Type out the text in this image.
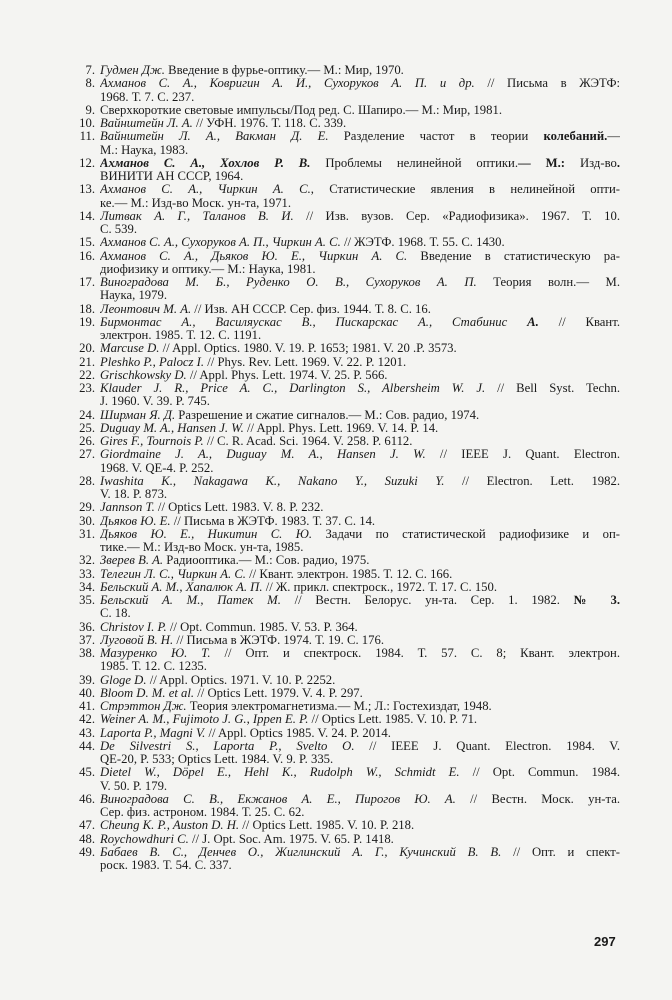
7. Гудмен Дж. Введение в фурье-оптику.— М.: Мир, 1970.
8. Ахманов С. А., Ковригин А. И., Сухоруков А. П. и др. // Письма в ЖЭТФ:
1968. Т. 7. С. 237.
9. Сверхкороткие световые импульсы/Под ред. С. Шапиро.— М.: Мир, 1981.
10. Вайнштейн Л. А. // УФН. 1976. Т. 118. С. 339.
11. Вайнштейн Л. А., Вакман Д. Е. Разделение частот в теории колебаний.—
М.: Наука, 1983.
12. Ахманов С. А., Хохлов Р. В. Проблемы нелинейной оптики.— М.: Изд-во.
ВИНИТИ АН СССР, 1964.
13. Ахманов С. А., Чиркин А. С., Статистические явления в нелинейной опти-
ке.— М.: Изд-во Моск. ун-та, 1971.
14. Литвак А. Г., Таланов В. И. // Изв. вузов. Сер. «Радиофизика». 1967. Т. 10.
С. 539.
15. Ахманов С. А., Сухоруков А. П., Чиркин А. С. // ЖЭТФ. 1968. Т. 55. С. 1430.
16. Ахманов С. А., Дьяков Ю. Е., Чиркин А. С. Введение в статистическую ра-
диофизику и оптику.— М.: Наука, 1981.
17. Виноградова М. Б., Руденко О. В., Сухоруков А. П. Теория волн.— М.
Наука, 1979.
18. Леонтович М. А. // Изв. АН СССР. Сер. физ. 1944. Т. 8. С. 16.
19. Бирмонтас А., Василяускас В., Пискарскас А., Стабинис А. // Квант.
электрон. 1985. Т. 12. С. 1191.
20. Marcuse D. // Appl. Optics. 1980. V. 19. P. 1653; 1981. V. 20 .P. 3573.
21. Pleshko P., Palocz I. // Phys. Rev. Lett. 1969. V. 22. P. 1201.
22. Grischkowsky D. // Appl. Phys. Lett. 1974. V. 25. P. 566.
23. Klauder J. R., Price A. C., Darlington S., Albersheim W. J. // Bell Syst. Techn.
J. 1960. V. 39. P. 745.
24. Ширман Я. Д. Разрешение и сжатие сигналов.— М.: Сов. радио, 1974.
25. Duguay M. A., Hansen J. W. // Appl. Phys. Lett. 1969. V. 14. P. 14.
26. Gires F., Tournois P. // C. R. Acad. Sci. 1964. V. 258. P. 6112.
27. Giordmaine J. A., Duguay M. A., Hansen J. W. // IEEE J. Quant. Electron.
1968. V. QE-4. P. 252.
28. Iwashita K., Nakagawa K., Nakano Y., Suzuki Y. // Electron. Lett. 1982.
V. 18. P. 873.
29. Jannson T. // Optics Lett. 1983. V. 8. P. 232.
30. Дьяков Ю. Е. // Письма в ЖЭТФ. 1983. Т. 37. С. 14.
31. Дьяков Ю. Е., Никитин С. Ю. Задачи по статистической радиофизике и оп-
тике.— М.: Изд-во Моск. ун-та, 1985.
32. Зверев В. А. Радиооптика.— М.: Сов. радио, 1975.
33. Телегин Л. С., Чиркин А. С. // Квант. электрон. 1985. Т. 12. С. 166.
34. Бельский А. М., Хапалюк А. П. // Ж. прикл. спектроск., 1972. Т. 17. С. 150.
35. Бельский А. М., Патек М. // Вестн. Белорус. ун-та. Сер. 1. 1982. № 3.
С. 18.
36. Christov I. P. // Opt. Commun. 1985. V. 53. P. 364.
37. Луговой В. Н. // Письма в ЖЭТФ. 1974. Т. 19. С. 176.
38. Мазуренко Ю. Т. // Опт. и спектроск. 1984. Т. 57. С. 8; Квант. электрон.
1985. Т. 12. С. 1235.
39. Gloge D. // Appl. Optics. 1971. V. 10. P. 2252.
40. Bloom D. M. et al. // Optics Lett. 1979. V. 4. P. 297.
41. Стрэттон Дж. Теория электромагнетизма.— М.; Л.: Гостехиздат, 1948.
42. Weiner A. M., Fujimoto J. G., Ippen E. P. // Optics Lett. 1985. V. 10. P. 71.
43. Laporta P., Magni V. // Appl. Optics 1985. V. 24. P. 2014.
44. De Silvestri S., Laporta P., Svelto O. // IEEE J. Quant. Electron. 1984. V.
QE-20, P. 533; Optics Lett. 1984. V. 9. P. 335.
45. Dietel W., Döpel E., Hehl K., Rudolph W., Schmidt E. // Opt. Commun. 1984.
V. 50. P. 179.
46. Виноградова С. В., Екжанов А. Е., Пирогов Ю. А. // Вестн. Моск. ун-та.
Сер. физ. астроном. 1984. Т. 25. С. 62.
47. Cheung K. P., Auston D. H. // Optics Lett. 1985. V. 10. P. 218.
48. Roychowdhuri C. // J. Opt. Soc. Am. 1975. V. 65. P. 1418.
49. Бабаев В. С., Денчев О., Жиглинский А. Г., Кучинский В. В. // Опт. и спект-
роск. 1983. Т. 54. С. 337.
297
